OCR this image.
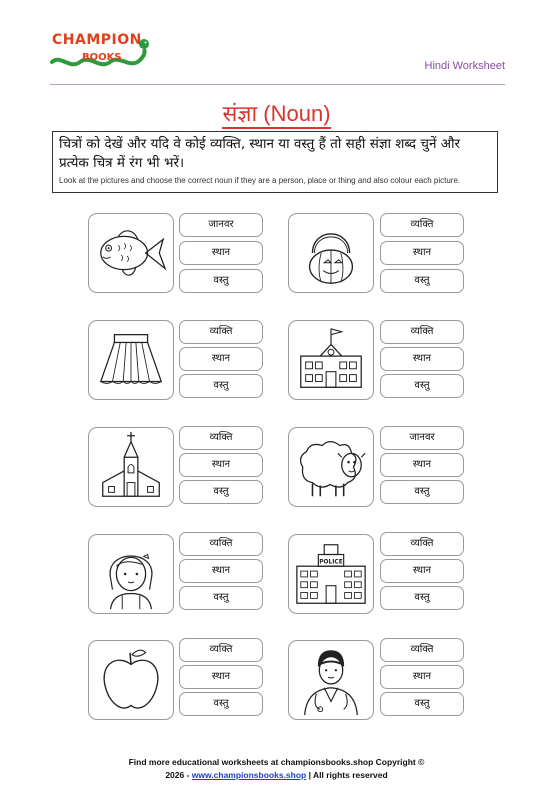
CHAMPION
BOOKS
Hindi Worksheet
संज्ञा (Noun)
चित्रों को देखें और यदि वे कोई व्यक्ति, स्थान या वस्तु हैं तो सही संज्ञा शब्द चुनें और प्रत्येक चित्र में रंग भी भरें।
Look at the pictures and choose the correct noun if they are a person, place or thing and also colour each picture.
जानवर
स्थान
वस्तु
व्यक्ति
स्थान
वस्तु
व्यक्ति
स्थान
वस्तु
व्यक्ति
स्थान
वस्तु
व्यक्ति
स्थान
वस्तु
जानवर
स्थान
वस्तु
व्यक्ति
स्थान
वस्तु
POLICE
व्यक्ति
स्थान
वस्तु
व्यक्ति
स्थान
वस्तु
व्यक्ति
स्थान
वस्तु
Find more educational worksheets at championsbooks.shop Copyright ©
2026 - www.championsbooks.shop | All rights reserved
